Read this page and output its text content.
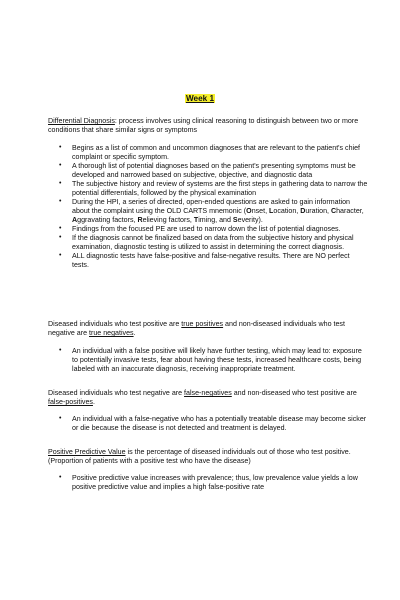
Week 1

Differential Diagnosis: process involves using clinical reasoning to distinguish between two or more conditions that share similar signs or symptoms

• Begins as a list of common and uncommon diagnoses that are relevant to the patient's chief complaint or specific symptom.
• A thorough list of potential diagnoses based on the patient's presenting symptoms must be developed and narrowed based on subjective, objective, and diagnostic data
• The subjective history and review of systems are the first steps in gathering data to narrow the potential differentials, followed by the physical examination
• During the HPI, a series of directed, open-ended questions are asked to gain information about the complaint using the OLD CARTS mnemonic (Onset, Location, Duration, Character, Aggravating factors, Relieving factors, Timing, and Severity).
• Findings from the focused PE are used to narrow down the list of potential diagnoses.
• If the diagnosis cannot be finalized based on data from the subjective history and physical examination, diagnostic testing is utilized to assist in determining the correct diagnosis.
• ALL diagnostic tests have false-positive and false-negative results. There are NO perfect tests.

Diseased individuals who test positive are true positives and non-diseased individuals who test negative are true negatives.

• An individual with a false positive will likely have further testing, which may lead to: exposure to potentially invasive tests, fear about having these tests, increased healthcare costs, being labeled with an inaccurate diagnosis, receiving inappropriate treatment.

Diseased individuals who test negative are false-negatives and non-diseased who test positive are false-positives.

• An individual with a false-negative who has a potentially treatable disease may become sicker or die because the disease is not detected and treatment is delayed.

Positive Predictive Value is the percentage of diseased individuals out of those who test positive. (Proportion of patients with a positive test who have the disease)

• Positive predictive value increases with prevalence; thus, low prevalence value yields a low positive predictive value and implies a high false-positive rate
